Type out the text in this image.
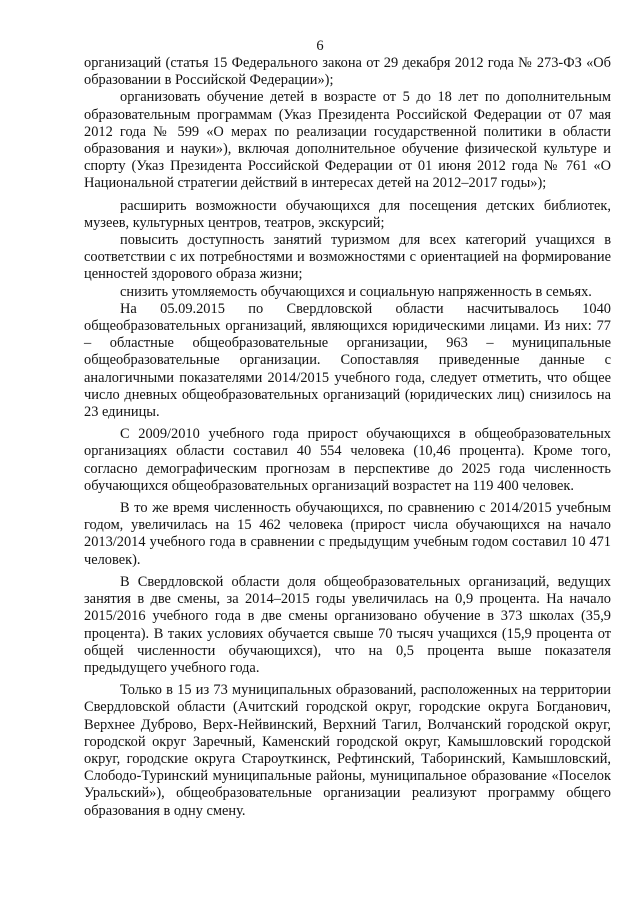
6

организаций (статья 15 Федерального закона от 29 декабря 2012 года № 273-ФЗ «Об образовании в Российской Федерации»);

организовать обучение детей в возрасте от 5 до 18 лет по дополнительным образовательным программам (Указ Президента Российской Федерации от 07 мая 2012 года № 599 «О мерах по реализации государственной политики в области образования и науки»), включая дополнительное обучение физической культуре и спорту (Указ Президента Российской Федерации от 01 июня 2012 года № 761 «О Национальной стратегии действий в интересах детей на 2012–2017 годы»);

расширить возможности обучающихся для посещения детских библиотек, музеев, культурных центров, театров, экскурсий;

повысить доступность занятий туризмом для всех категорий учащихся в соответствии с их потребностями и возможностями с ориентацией на формирование ценностей здорового образа жизни;

снизить утомляемость обучающихся и социальную напряженность в семьях.

На 05.09.2015 по Свердловской области насчитывалось 1040 общеобразовательных организаций, являющихся юридическими лицами. Из них: 77 – областные общеобразовательные организации, 963 – муниципальные общеобразовательные организации. Сопоставляя приведенные данные с аналогичными показателями 2014/2015 учебного года, следует отметить, что общее число дневных общеобразовательных организаций (юридических лиц) снизилось на 23 единицы.

С 2009/2010 учебного года прирост обучающихся в общеобразовательных организациях области составил 40 554 человека (10,46 процента). Кроме того, согласно демографическим прогнозам в перспективе до 2025 года численность обучающихся общеобразовательных организаций возрастет на 119 400 человек.

В то же время численность обучающихся, по сравнению с 2014/2015 учебным годом, увеличилась на 15 462 человека (прирост числа обучающихся на начало 2013/2014 учебного года в сравнении с предыдущим учебным годом составил 10 471 человек).

В Свердловской области доля общеобразовательных организаций, ведущих занятия в две смены, за 2014–2015 годы увеличилась на 0,9 процента. На начало 2015/2016 учебного года в две смены организовано обучение в 373 школах (35,9 процента). В таких условиях обучается свыше 70 тысяч учащихся (15,9 процента от общей численности обучающихся), что на 0,5 процента выше показателя предыдущего учебного года.

Только в 15 из 73 муниципальных образований, расположенных на территории Свердловской области (Ачитский городской округ, городские округа Богданович, Верхнее Дуброво, Верх-Нейвинский, Верхний Тагил, Волчанский городской округ, городской округ Заречный, Каменский городской округ, Камышловский городской округ, городские округа Староуткинск, Рефтинский, Таборинский, Камышловский, Слободо-Туринский муниципальные районы, муниципальное образование «Поселок Уральский»), общеобразовательные организации реализуют программу общего образования в одну смену.
